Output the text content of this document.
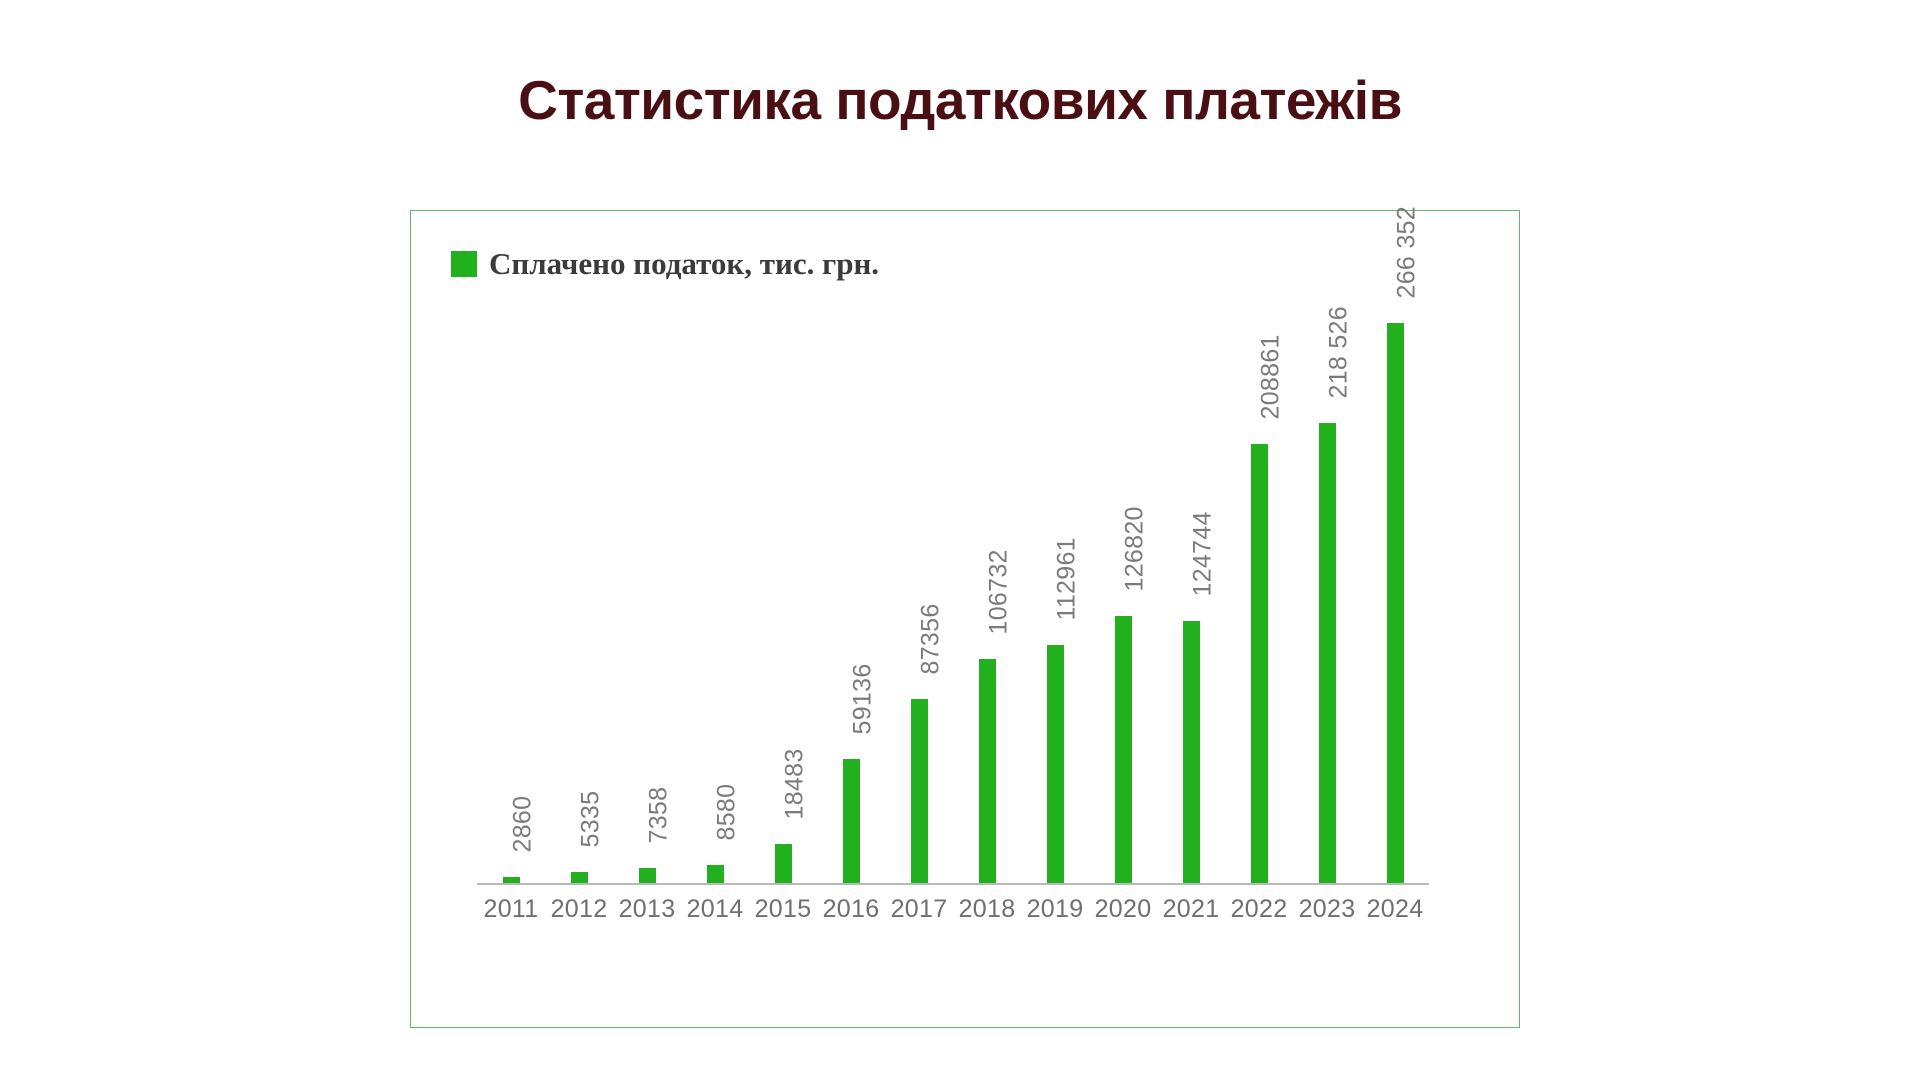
Статистика податкових платежів
Сплачено податок, тис. грн.
2860 5335 7358 8580 18483
59136
87356
106732 112961 126820 124744
208861 218 526
266 352
2011 2012 2013 2014 2015 2016 2017 2018 2019 2020 2021 2022 2023 2024
